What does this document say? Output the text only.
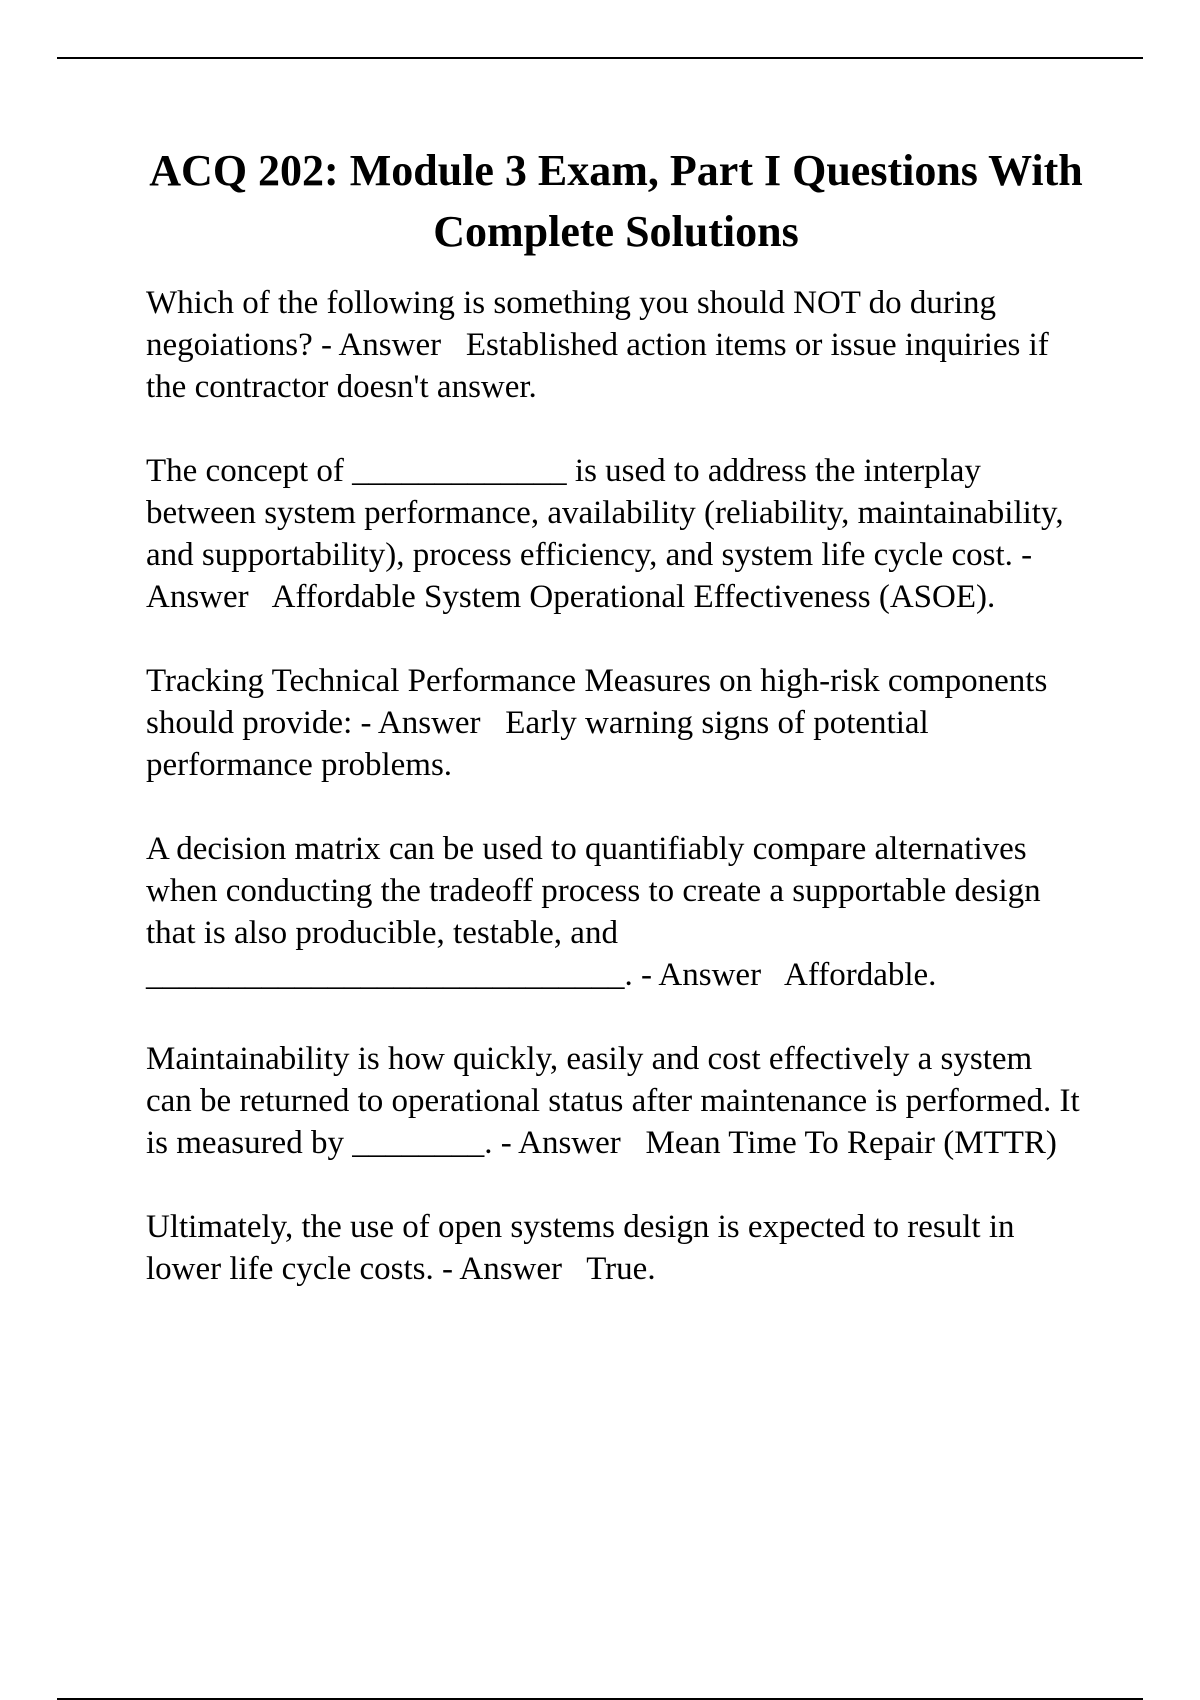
ACQ 202: Module 3 Exam, Part I Questions With Complete Solutions
Which of the following is something you should NOT do during negoiations? - Answer   Established action items or issue inquiries if the contractor doesn't answer.
The concept of _____________ is used to address the interplay between system performance, availability (reliability, maintainability, and supportability), process efficiency, and system life cycle cost. - Answer   Affordable System Operational Effectiveness (ASOE).
Tracking Technical Performance Measures on high-risk components should provide: - Answer   Early warning signs of potential performance problems.
A decision matrix can be used to quantifiably compare alternatives when conducting the tradeoff process to create a supportable design that is also producible, testable, and _____________________________. - Answer   Affordable.
Maintainability is how quickly, easily and cost effectively a system can be returned to operational status after maintenance is performed. It is measured by ________. - Answer   Mean Time To Repair (MTTR)
Ultimately, the use of open systems design is expected to result in lower life cycle costs. - Answer   True.
